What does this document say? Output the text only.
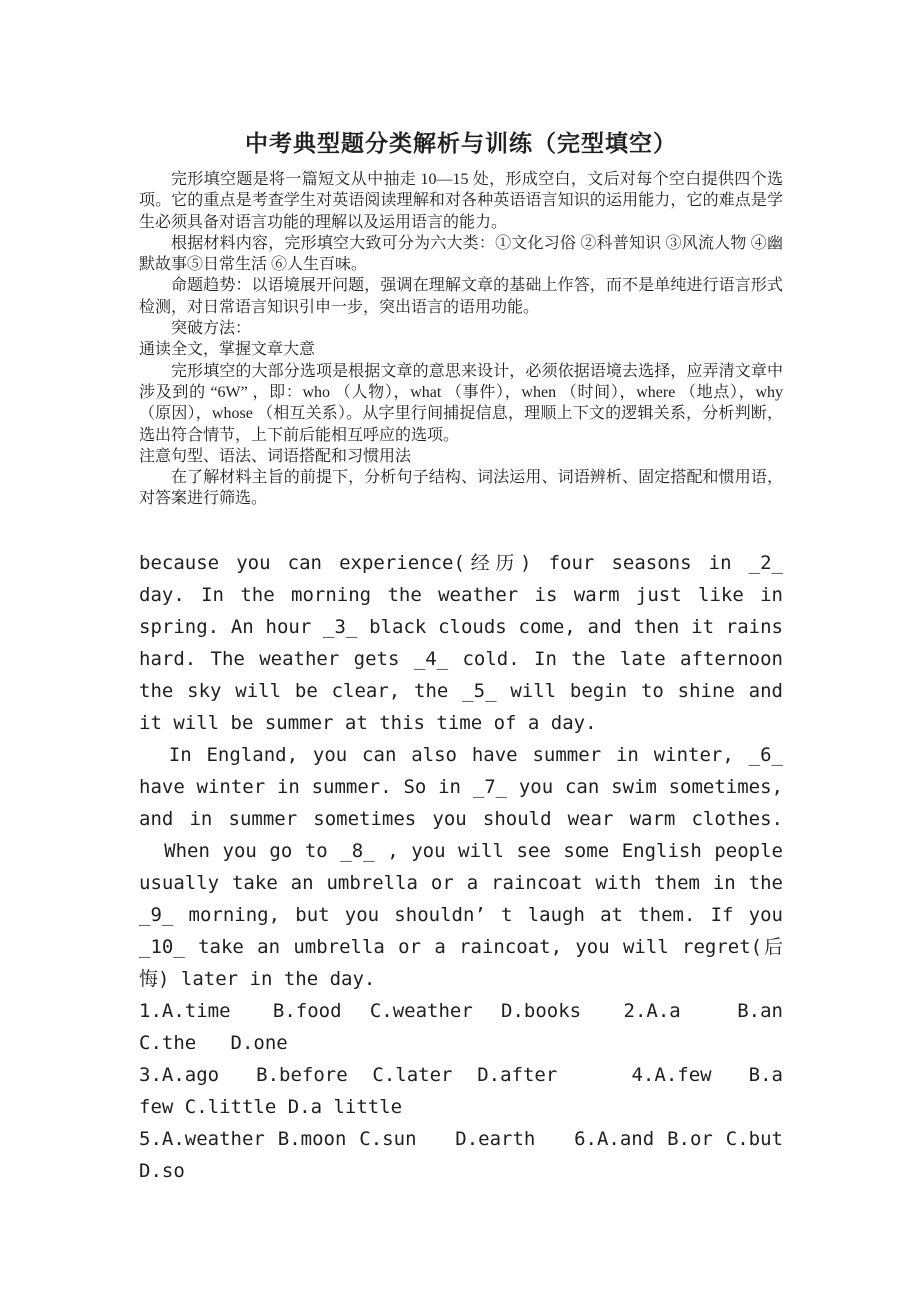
中考典型题分类解析与训练（完型填空）

完形填空题是将一篇短文从中抽走 10—15 处，形成空白，文后对每个空白提供四个选项。它的重点是考查学生对英语阅读理解和对各种英语语言知识的运用能力，它的难点是学生必须具备对语言功能的理解以及运用语言的能力。

根据材料内容，完形填空大致可分为六大类：①文化习俗 ②科普知识 ③风流人物 ④幽默故事⑤日常生活 ⑥人生百味。

命题趋势：以语境展开问题，强调在理解文章的基础上作答，而不是单纯进行语言形式检测，对日常语言知识引申一步，突出语言的语用功能。

突破方法：

通读全文，掌握文章大意

完形填空的大部分选项是根据文章的意思来设计，必须依据语境去选择，应弄清文章中涉及到的 “6W” ，即：who （人物），what （事件），when （时间），where （地点），why（原因），whose （相互关系）。从字里行间捕捉信息，理顺上下文的逻辑关系，分析判断，选出符合情节，上下前后能相互呼应的选项。

注意句型、语法、词语搭配和习惯用法

在了解材料主旨的前提下，分析句子结构、词法运用、词语辨析、固定搭配和惯用语，对答案进行筛选。

because you can experience(经历) four seasons in _2_
day. In the morning the weather is warm just like in
spring. An hour _3_ black clouds come, and then it rains
hard. The weather gets _4_ cold. In the late afternoon
the sky will be clear, the _5_ will begin to shine and
it will be summer at this time of a day.
In England, you can also have summer in winter, _6_
have winter in summer. So in _7_ you can swim sometimes,
and in summer sometimes you should wear warm clothes.
When you go to _8_ , you will see some English people
usually take an umbrella or a raincoat with them in the
_9_ morning, but you shouldn’ t laugh at them. If you
_10_ take an umbrella or a raincoat, you will regret(后
悔) later in the day.
1.A.time   B.food  C.weather  D.books   2.A.a    B.an
C.the   D.one
3.A.ago   B.before  C.later  D.after      4.A.few   B.a
few C.little D.a little
5.A.weather B.moon C.sun   D.earth   6.A.and B.or C.but
D.so
